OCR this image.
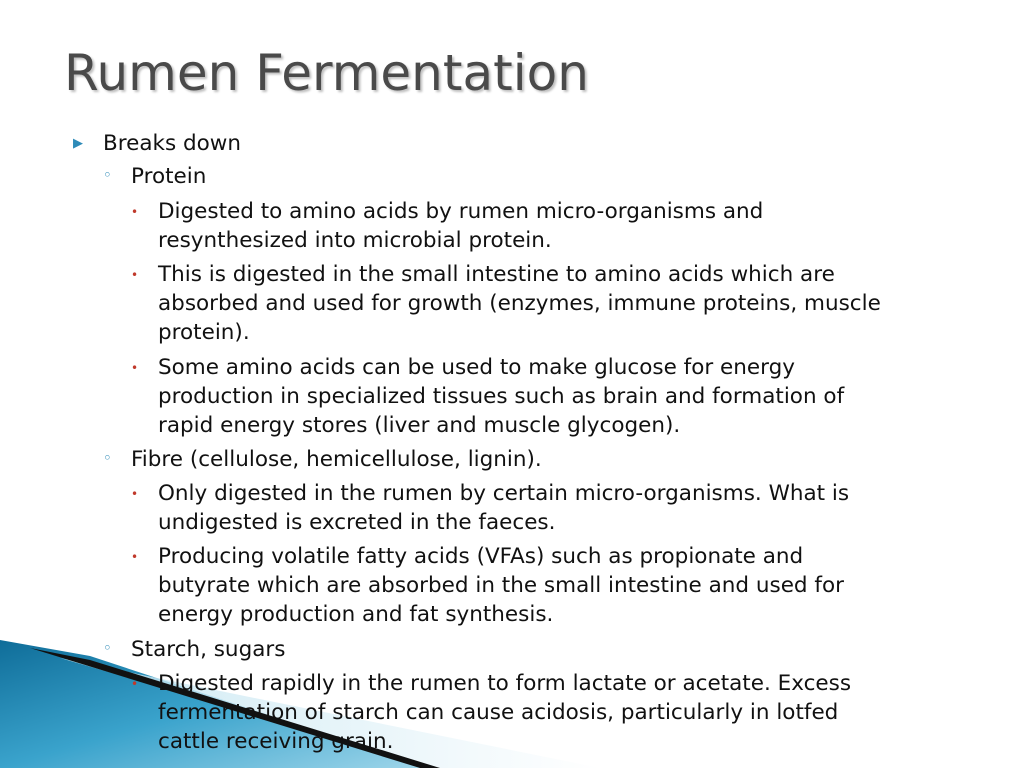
Rumen Fermentation
▶ Breaks down
◦ Protein
• Digested to amino acids by rumen micro-organisms and
resynthesized into microbial protein.
• This is digested in the small intestine to amino acids which are
absorbed and used for growth (enzymes, immune proteins, muscle
protein).
• Some amino acids can be used to make glucose for energy
production in specialized tissues such as brain and formation of
rapid energy stores (liver and muscle glycogen).
◦ Fibre (cellulose, hemicellulose, lignin).
• Only digested in the rumen by certain micro-organisms. What is
undigested is excreted in the faeces.
• Producing volatile fatty acids (VFAs) such as propionate and
butyrate which are absorbed in the small intestine and used for
energy production and fat synthesis.
◦ Starch, sugars
• Digested rapidly in the rumen to form lactate or acetate. Excess
fermentation of starch can cause acidosis, particularly in lotfed
cattle receiving grain.
